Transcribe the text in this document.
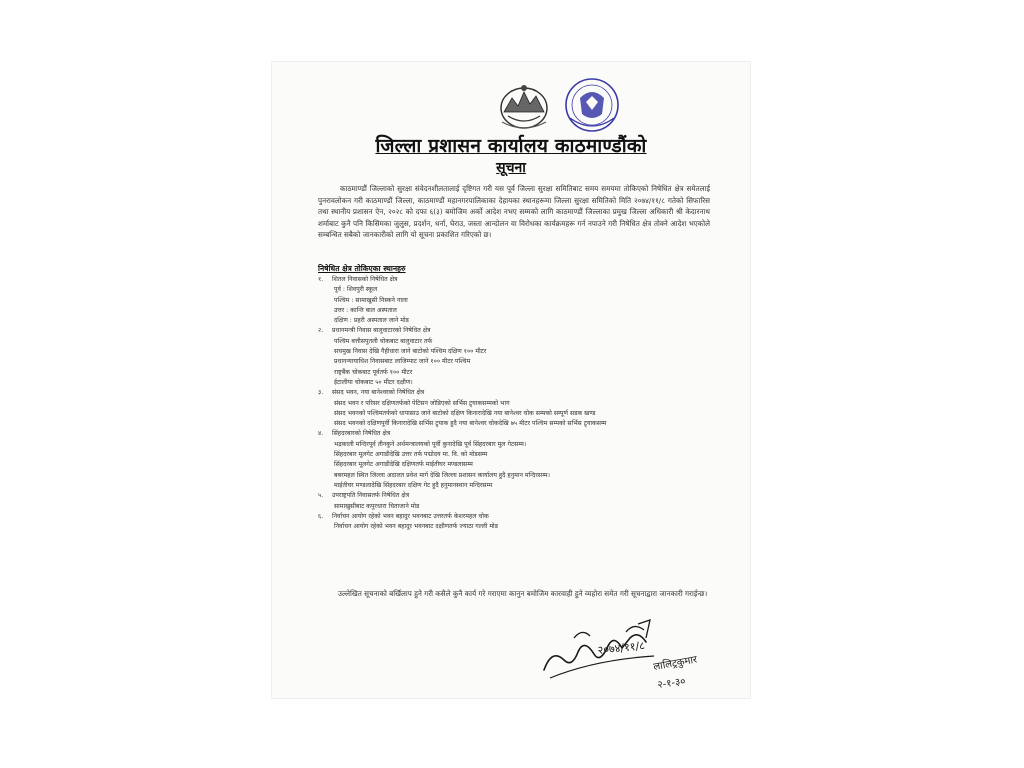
जिल्ला प्रशासन कार्यालय काठमाण्डौंको
सूचना
काठमाण्डौं जिल्लाको सुरक्षा संवेदनशीलतालाई दृष्टिगत गरी यस पूर्व जिल्ला सुरक्षा समितिबाट समय समयमा तोकिएको निषेधित क्षेत्र समेतलाई पुनरावलोकन गरी काठमाण्डौं जिल्ला, काठमाण्डौं महानगरपालिकाका देहायका स्थानहरूमा जिल्ला सुरक्षा समितिको मिति २०७४/११/८ गतेको सिफारिस तथा स्थानीय प्रशासन ऐन, २०२८ को दफा ६(३) बमोजिम अर्को आदेश नभए सम्मको लागि काठमाण्डौं जिल्लाका प्रमुख जिल्ला अधिकारी श्री केदारनाथ शर्माबाट कुनै पनि किसिमका जुलुस, प्रदर्शन, धर्ना, घेराउ, जस्ता आन्दोलन वा विरोधका कार्यक्रमहरू गर्न नपाउने गरी निषेधित क्षेत्र तोक्ने आदेश भएकोले सम्बन्धित सबैको जानकारीको लागि यो सूचना प्रकाशित गरिएको छ।
निषेधित क्षेत्र तोकिएका स्थानहरु
१. शितल निवासको निषेधित क्षेत्र
पूर्व : शिवपुरी स्कूल
पश्चिम : सामाखुसी निस्कने नाला
उत्तर : कान्ति बाल अस्पताल
दक्षिण : प्रहरी अस्पताल जाने मोड
२. प्रधानमन्त्री निवास बालुवाटारको निषेधित क्षेत्र
पश्चिम बत्तीसपुतली चोकबाट बालुवाटार तर्फ
सचमुख निवास देखि गैहीधारा जाने बाटोको पश्चिम दक्षिण १०० मीटर
प्रधानन्यायाधिश निवासबाट लाजिम्पाट जाने १०० मीटर पश्चिम
राष्ट्रबैंक चोकबाट पूर्वतर्फ १०० मीटर
ईटालीया चोकबाट ५० मीटर दक्षीण।
३. संसद भवन, नया बानेश्वरको निषेधित क्षेत्र
संसद भवन र परिसर दक्षिणतर्फको पेटिसन जोडिएको सर्भिस ट्र्याकसम्मको भाग
संसद भवनको पश्चिमतर्फको धापासाउ जाने बाटोको दक्षिण किनारादेखि नया बानेश्वर चोक सम्मको सम्पूर्ण सडक खण्ड
संसद भवनको दक्षिणपूर्वी किनारादेखि सर्भिस ट्र्याक हुदै नया बानेश्वर चोकदेखि ७५ मीटर पश्चिम सम्मको सर्भिस ट्र्याकसम्म
४. सिंहदरबारको निषेधित क्षेत्र
भद्रकाली मन्दिरपूर्व तीनकुने अर्थमन्त्रालयको पूर्वी कुनादेखि पूर्व सिंहदरबार मुल गेटसम्म।
सिंहदरबार मूलगेट अगाडीदेखि उत्तर तर्फ पद्मोदय मा. वि. को मोडसम्म
सिंहदरबार मूलगेट अगाडीदेखि दक्षिणतर्फ माईतीघर मण्डलासम्म
बबरमहल स्थित जिल्ला अदालत प्रवेश मार्ग देखि जिल्ला प्रशासन कार्यालय हुदै हनुमान मन्दिरसम्म।
माईतीघर मण्डलादेखि सिंहदरबार दक्षिण गेट हुदै हनुमानस्थान मन्दिरसम्म
५. उपराष्ट्रपति निवासतर्फ निषेधित क्षेत्र
सामाखुसीबाट कपुरधारा चिताजाने मोड
६. निर्वाचन आयोग रहेको भवन बहादुर भवनबाट उत्तरतर्फ केशरमहल चोक
निर्वाचन आयोग रहेको भवन बहादुर भवनबाट दक्षीणतर्फ ज्याठा गल्ली मोड
उल्लेखित सूचनाको बर्खिलाप हुने गरी कसैले कुनै कार्य गरे गराएमा कानुन बमोजिम कारवाही हुने व्यहोरा समेत गरी सूचनाद्वारा जानकारी गराईन्छ।
२०७४/११/८
लालिट्रकुमार
२-१-३०
